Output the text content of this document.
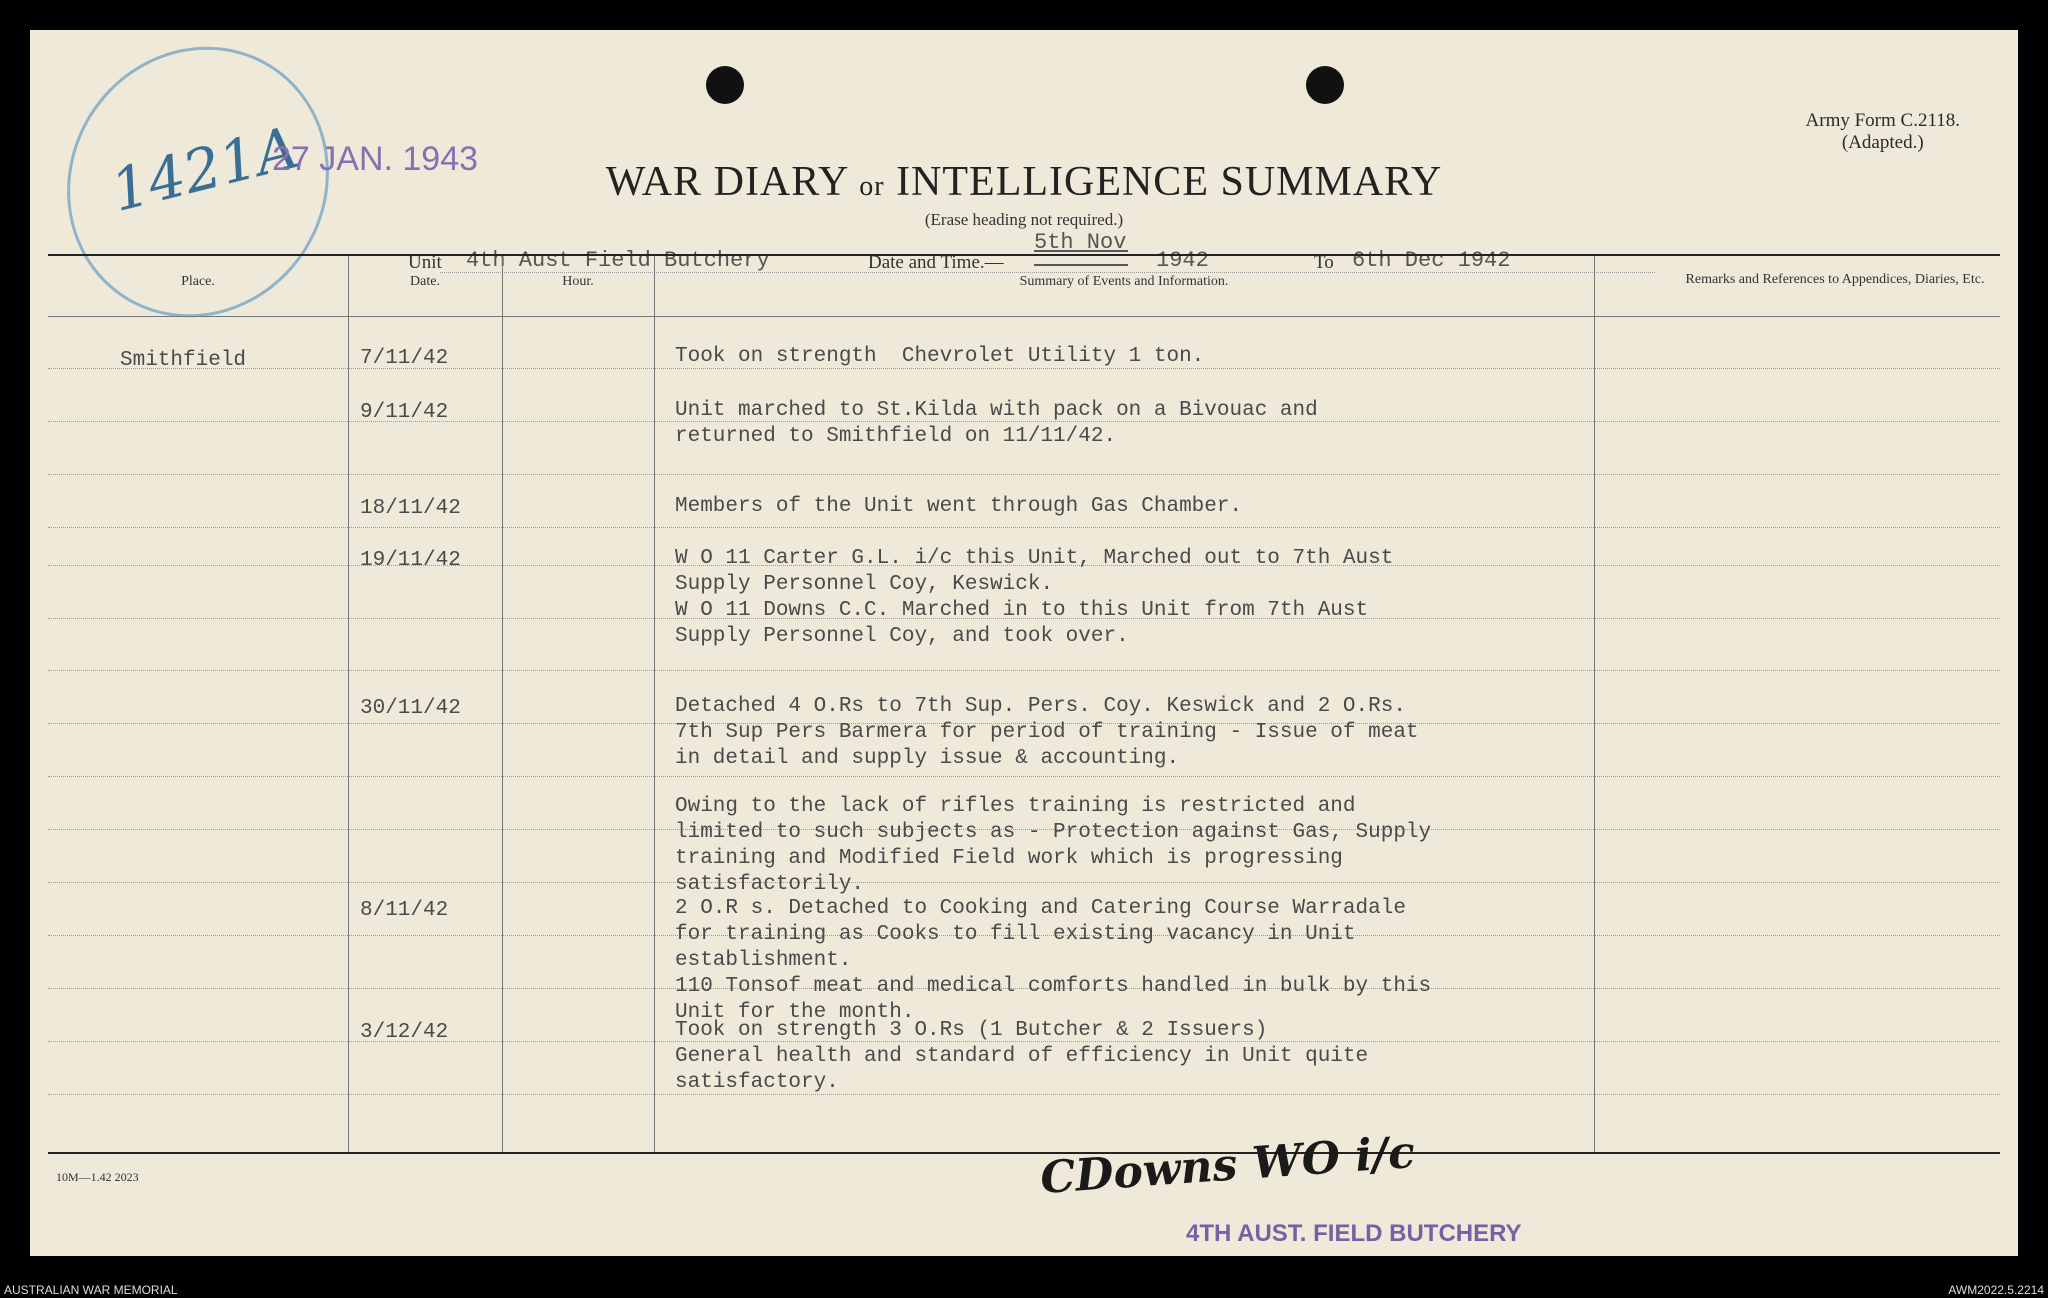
1421A
27 JAN. 1943
Army Form C.2118.
(Adapted.)
WAR DIARY or INTELLIGENCE SUMMARY
(Erase heading not required.)
Unit 4th Aust Field Butchery	Date and Time.—
5th Nov
1942	To 6th Dec 1942
Place.	Date.	Hour.	Summary of Events and Information.	Remarks and References to Appendices, Diaries, Etc.
Smithfield	7/11/42	Took on strength  Chevrolet Utility 1 ton.
9/11/42	Unit marched to St.Kilda with pack on a Bivouac and
returned to Smithfield on 11/11/42.
18/11/42	Members of the Unit went through Gas Chamber.
19/11/42	W O 11 Carter G.L. i/c this Unit, Marched out to 7th Aust
Supply Personnel Coy, Keswick.
W O 11 Downs C.C. Marched in to this Unit from 7th Aust
Supply Personnel Coy, and took over.
30/11/42	Detached 4 O.Rs to 7th Sup. Pers. Coy. Keswick and 2 O.Rs.
7th Sup Pers Barmera for period of training - Issue of meat
in detail and supply issue & accounting.
Owing to the lack of rifles training is restricted and
limited to such subjects as - Protection against Gas, Supply
training and Modified Field work which is progressing
satisfactorily.
8/11/42	2 O.R s. Detached to Cooking and Catering Course Warradale
for training as Cooks to fill existing vacancy in Unit
establishment.
110 Tonsof meat and medical comforts handled in bulk by this
Unit for the month.
3/12/42	Took on strength 3 O.Rs (1 Butcher & 2 Issuers)
General health and standard of efficiency in Unit quite
satisfactory.
10M—1.42 2023	CDowns WO i/c
4TH AUST. FIELD BUTCHERY
AUSTRALIAN WAR MEMORIAL	AWM2022.5.2214
